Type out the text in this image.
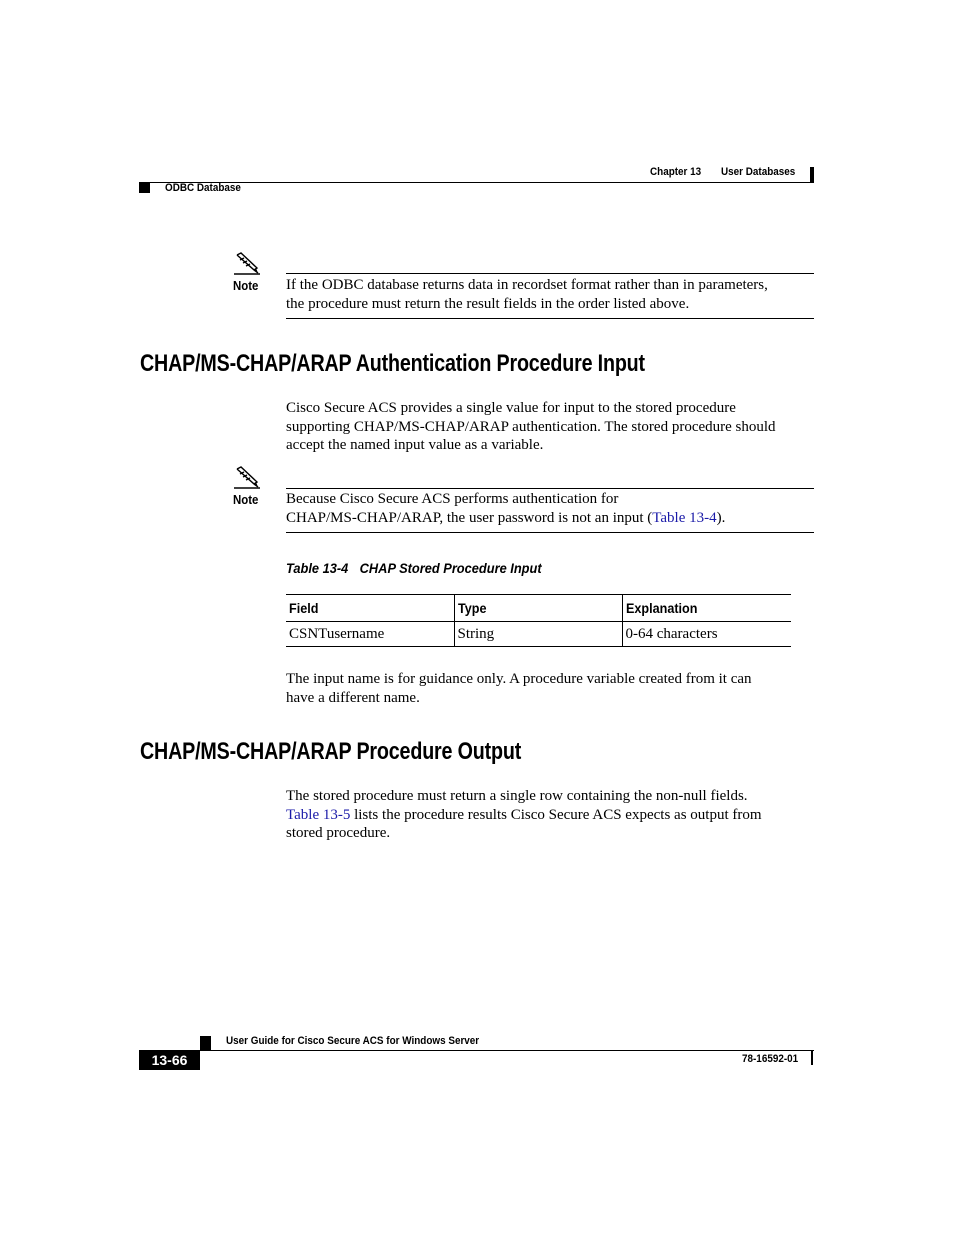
Chapter 13 User Databases
ODBC Database
Note If the ODBC database returns data in recordset format rather than in parameters,
the procedure must return the result fields in the order listed above.
CHAP/MS-CHAP/ARAP Authentication Procedure Input
Cisco Secure ACS provides a single value for input to the stored procedure
supporting CHAP/MS-CHAP/ARAP authentication. The stored procedure should
accept the named input value as a variable.
Note Because Cisco Secure ACS performs authentication for
CHAP/MS-CHAP/ARAP, the user password is not an input (Table 13-4).
Table 13-4 CHAP Stored Procedure Input
Field	Type	Explanation
CSNTusername	String	0-64 characters
The input name is for guidance only. A procedure variable created from it can
have a different name.
CHAP/MS-CHAP/ARAP Procedure Output
The stored procedure must return a single row containing the non-null fields.
Table 13-5 lists the procedure results Cisco Secure ACS expects as output from
stored procedure.
User Guide for Cisco Secure ACS for Windows Server
13-66	78-16592-01
